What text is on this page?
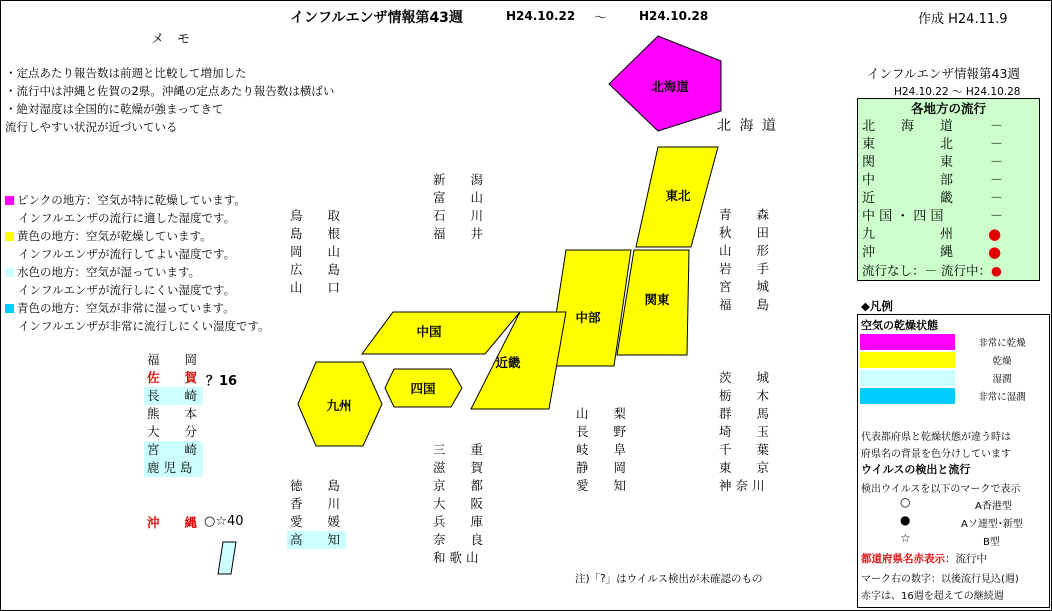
インフルエンザ情報第43週	H24.10.22 ～	H24.10.28	作成 H24.11.9
メ　モ
・定点あたり報告数は前週と比較して増加した
・流行中は沖縄と佐賀の2県。沖縄の定点あたり報告数は横ばい
・絶対湿度は全国的に乾燥が強まってきて
流行しやすい状況が近づいている
ピンクの地方：空気が特に乾燥しています。
インフルエンザの流行に適した湿度です。
黄色の地方：空気が乾燥しています。
インフルエンザが流行してよい湿度です。
水色の地方：空気が湿っています。
インフルエンザが流行しにくい湿度です。
青色の地方：空気が非常に湿っています。
インフルエンザが非常に流行しにくい湿度です。
北海道
東北
関東
中部
近畿
中国
四国
九州
北 海 道
青　　森
秋　　田
山　　形
岩　　手
宮　　城
福　　島
茨　　城
栃　　木
群　　馬
埼　　玉
千　　葉
東　　京
神 奈 川
新　　潟
富　　山
石　　川
福　　井
山　　梨
長　　野
岐　　阜
静　　岡
愛　　知
三　　重
滋　　賀
京　　都
大　　阪
兵　　庫
奈　　良
和 歌 山
鳥　　取
島　　根
岡　　山
広　　島
山　　口
徳　　島
香　　川
愛　　媛
高　　知
福　　岡
佐　　賀 ？16
長　　崎
熊　　本
大　　分
宮　　崎
鹿 児 島
沖　　縄 ○☆40
注)「?」はウイルス検出が未確認のもの
インフルエンザ情報第43週
H24.10.22 ～ H24.10.28
各地方の流行
北　　海　　道	－
東　　　　　北	－
関　　　　　東	－
中　　　　　部	－
近　　　　　畿	－
中 国 ・ 四 国	－
九　　　　　州 ●
沖　　　　　縄 ●
流行なし：－ 流行中：●
◆凡例
空気の乾燥状態
非常に乾燥
乾燥
湿潤
非常に湿潤
代表都府県と乾燥状態が違う時は
府県名の背景を色分けしています
ウイルスの検出と流行
検出ウイルスを以下のマークで表示
○	A香港型
●	Aソ連型･新型
☆	B型
都道府県名赤表示：流行中
マーク右の数字：以後流行見込(週)
赤字は、16週を超えての継続週
